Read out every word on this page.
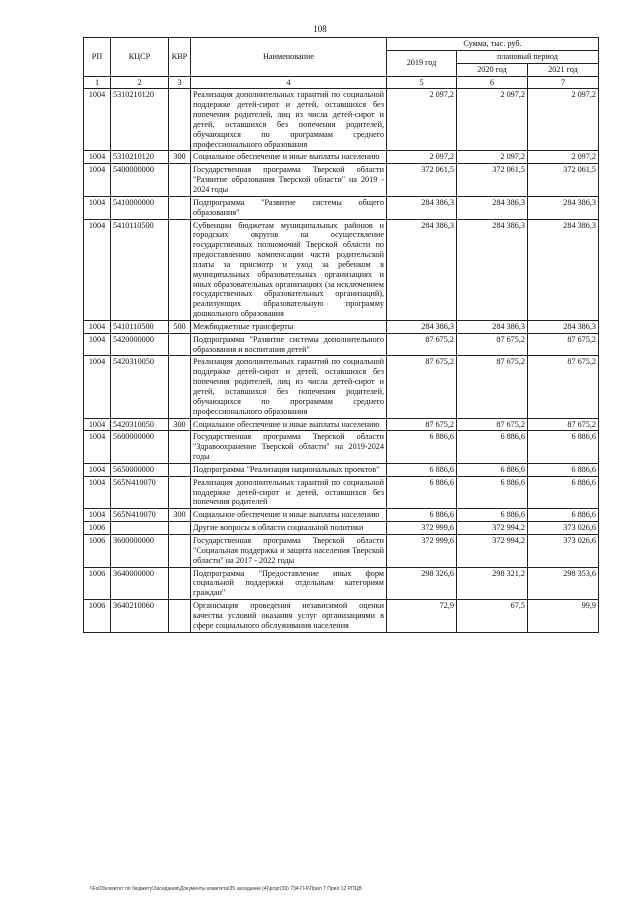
108
РП	КЦСР	КВР	Наименование	Сумма, тыс. руб.		
				2019 год	плановый период	
					2020 год	2021 год
1	2	3	4	5	6	7
1004	5310210120		Реализация дополнительных гарантий по социальной поддержке детей-сирот и детей, оставшихся без попечения родителей, лиц из числа детей-сирот и детей, оставшихся без попечения родителей, обучающихся по программам среднего профессионального образования	2 097,2	2 097,2	2 097,2
1004	5310210120	300	Социальное обеспечение и иные выплаты населению	2 097,2	2 097,2	2 097,2
1004	5400000000		Государственная программа Тверской области "Развитие образования Тверской области" на 2019 - 2024 годы	372 061,5	372 061,5	372 061,5
1004	5410000000		Подпрограмма "Развитие системы общего образования"	284 386,3	284 386,3	284 386,3
1004	5410110500		Субвенции бюджетам муниципальных районов и городских округов на осуществление государственных полномочий Тверской области по предоставлению компенсации части родительской платы за присмотр и уход за ребенком в муниципальных образовательных организациях и иных образовательных организациях (за исключением государственных образовательных организаций), реализующих образовательную программу дошкольного образования	284 386,3	284 386,3	284 386,3
1004	5410110500	500	Межбюджетные трансферты	284 386,3	284 386,3	284 386,3
1004	5420000000		Подпрограмма "Развитие системы дополнительного образования и воспитания детей"	87 675,2	87 675,2	87 675,2
1004	5420310050		Реализация дополнительных гарантий по социальной поддержке детей-сирот и детей, оставшихся без попечения родителей, лиц из числа детей-сирот и детей, оставшихся без попечения родителей, обучающихся по программам среднего профессионального образования	87 675,2	87 675,2	87 675,2
1004	5420310050	300	Социальное обеспечение и иные выплаты населению	87 675,2	87 675,2	87 675,2
1004	5600000000		Государственная программа Тверской области "Здравоохранение Тверской области" на 2019-2024 годы	6 886,6	6 886,6	6 886,6
1004	5650000000		Подпрограмма "Реализация национальных проектов"	6 886,6	6 886,6	6 886,6
1004	565N410070		Реализация дополнительных гарантий по социальной поддержке детей-сирот и детей, оставшихся без попечения родителей	6 886,6	6 886,6	6 886,6
1004	565N410070	300	Социальное обеспечение и иные выплаты населению	6 886,6	6 886,6	6 886,6
1006			Другие вопросы в области социальной политики	372 999,6	372 994,2	373 026,6
1006	3600000000		Государственная программа Тверской области "Социальная поддержка и защита населения Тверской области" на 2017 - 2022 годы	372 999,6	372 994,2	373 026,6
1006	3640000000		Подпрограмма "Предоставление иных форм социальной поддержки отдельным категориям граждан"	298 326,6	298 321,2	298 353,6
1006	3640210060		Организация проведения независимой оценки качества условий оказания услуг организациями в сфере социального обслуживания населения	72,9	67,5	99,9
\\Fs03\комитет по бюджету\Заседания\Документы комитета\35 заседание (4)\pr\pr(39) 734-П-6\Прил 7 Прил 12 РПЦВ
